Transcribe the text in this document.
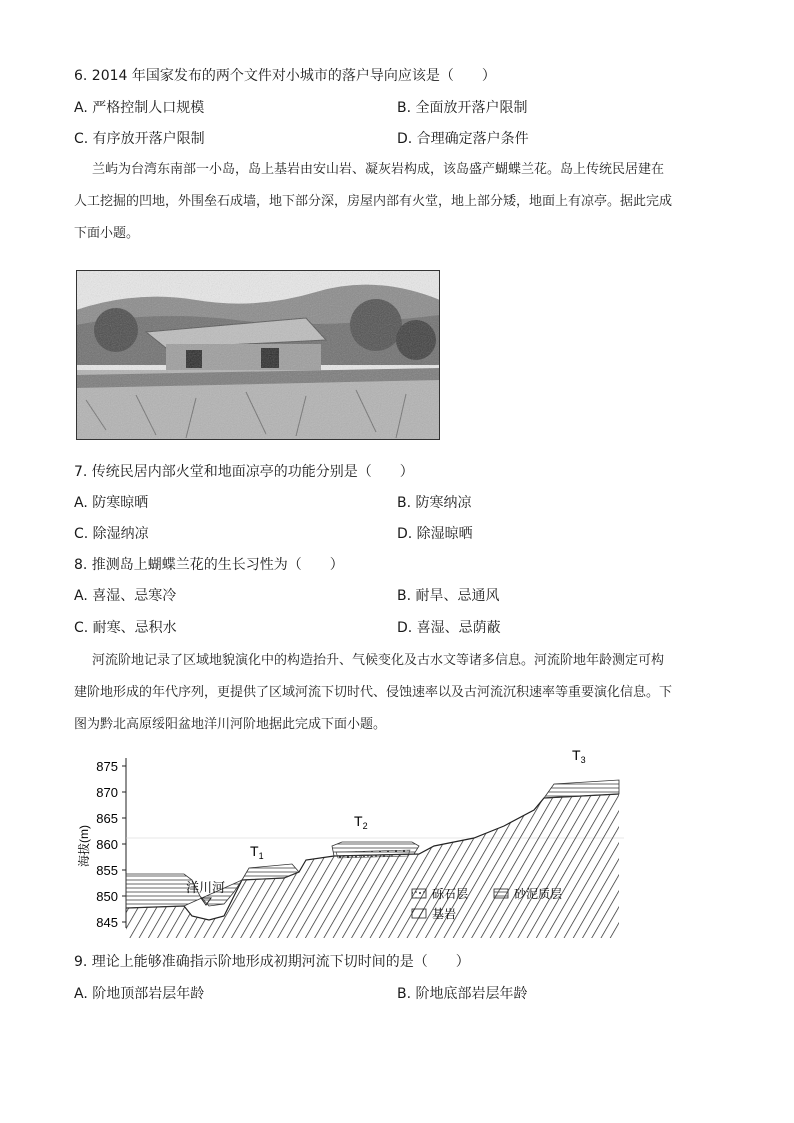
6. 2014 年国家发布的两个文件对小城市的落户导向应该是（　　）
A. 严格控制人口规模	B. 全面放开落户限制
C. 有序放开落户限制	D. 合理确定落户条件
兰屿为台湾东南部一小岛，岛上基岩由安山岩、凝灰岩构成，该岛盛产蝴蝶兰花。岛上传统民居建在
人工挖掘的凹地，外围垒石成墙，地下部分深，房屋内部有火堂，地上部分矮，地面上有凉亭。据此完成
下面小题。
7. 传统民居内部火堂和地面凉亭的功能分别是（　　）
A. 防寒晾晒	B. 防寒纳凉
C. 除湿纳凉	D. 除湿晾晒
8. 推测岛上蝴蝶兰花的生长习性为（　　）
A. 喜湿、忌寒冷	B. 耐旱、忌通风
C. 耐寒、忌积水	D. 喜湿、忌荫蔽
河流阶地记录了区域地貌演化中的构造抬升、气候变化及古水文等诸多信息。河流阶地年龄测定可构
建阶地形成的年代序列，更提供了区域河流下切时代、侵蚀速率以及古河流沉积速率等重要演化信息。下
图为黔北高原绥阳盆地洋川河阶地据此完成下面小题。
875
870
865
860
855
850
845
海拔(m)
洋川河
$T_1$
$T_2$
$T_3$
砾石层	砂泥质层
基岩
9. 理论上能够准确指示阶地形成初期河流下切时间的是（　　）
A. 阶地顶部岩层年龄	B. 阶地底部岩层年龄
